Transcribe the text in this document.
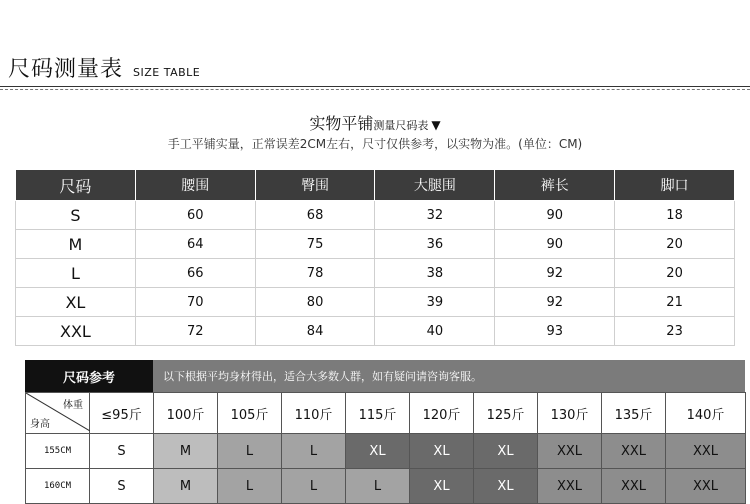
尺码测量表 SIZE TABLE
实物平铺测量尺码表 ▼
手工平铺实量，正常误差2CM左右，尺寸仅供参考，以实物为准。(单位：CM)
尺码	腰围	臀围	大腿围	裤长	脚口
S	60	68	32	90	18
M	64	75	36	90	20
L	66	78	38	92	20
XL	70	80	39	92	21
XXL	72	84	40	93	23
尺码参考	以下根据平均身材得出，适合大多数人群，如有疑问请咨询客服。
体重
身高	≤95斤	100斤	105斤	110斤	115斤	120斤	125斤	130斤	135斤	140斤
155CM	S	M	L	L	XL	XL	XL	XXL	XXL	XXL
160CM	S	M	L	L	L	XL	XL	XXL	XXL	XXL
